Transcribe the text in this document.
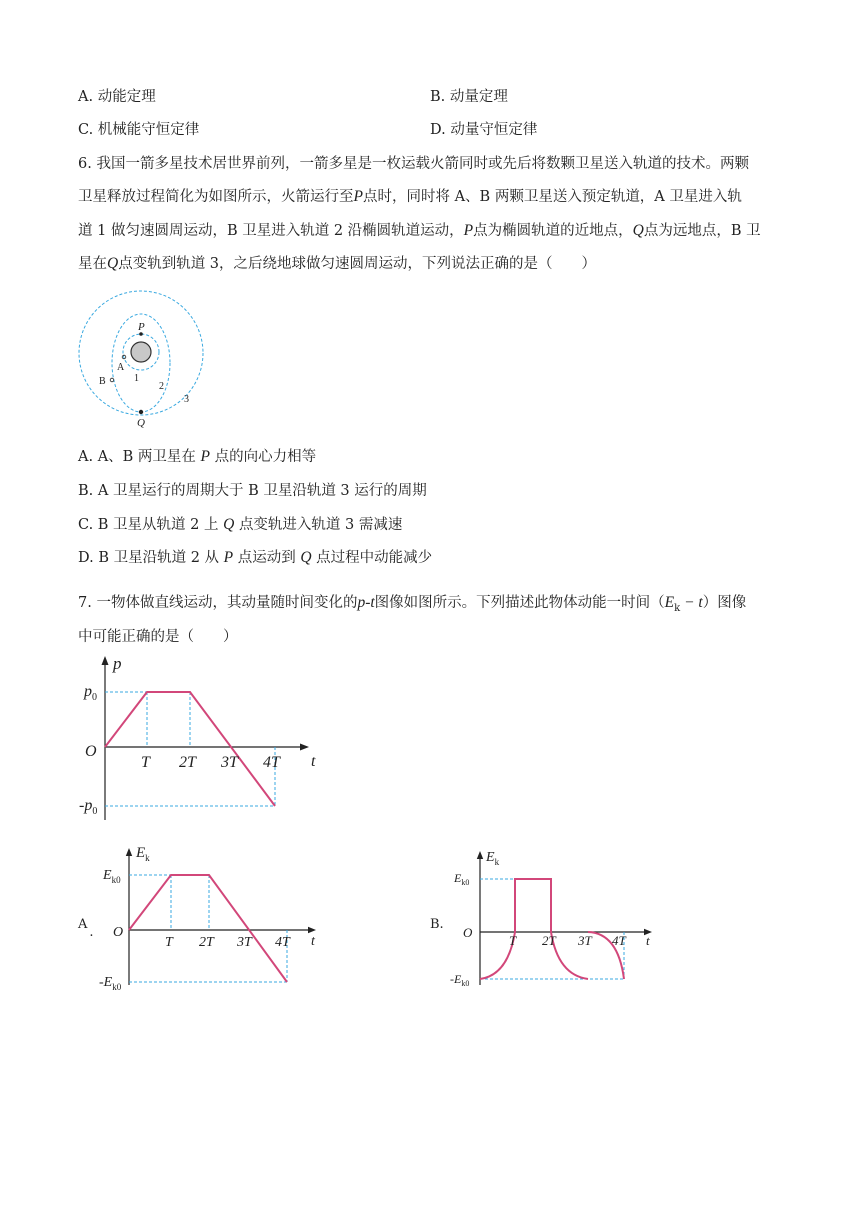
A. 动能定理	B. 动量定理
C. 机械能守恒定律	D. 动量守恒定律
6. 我国一箭多星技术居世界前列，一箭多星是一枚运载火箭同时或先后将数颗卫星送入轨道的技术。两颗
卫星释放过程简化为如图所示，火箭运行至P点时，同时将 A、B 两颗卫星送入预定轨道，A 卫星进入轨
道 1 做匀速圆周运动，B 卫星进入轨道 2 沿椭圆轨道运动，P点为椭圆轨道的近地点，Q点为远地点，B 卫
星在Q点变轨到轨道 3，之后绕地球做匀速圆周运动，下列说法正确的是（　　）
P
Q
A
B	1
2
3
A. A、B 两卫星在 P 点的向心力相等
B. A 卫星运行的周期大于 B 卫星沿轨道 3 运行的周期
C. B 卫星从轨道 2 上 Q 点变轨进入轨道 3 需减速
D. B 卫星沿轨道 2 从 P 点运动到 Q 点过程中动能减少
7. 一物体做直线运动，其动量随时间变化的p-t图像如图所示。下列描述此物体动能一时间$(E_k - t)$图像
中可能正确的是（　　）
p
t
O
$p_0$
$-p_0$
T 2T 3T 4T
A.
$E_k$
t
O
$E_{k0}$
$-E_{k0}$
T 2T 3T 4T
B.
$E_k$
t
O
$E_{k0}$
$-E_{k0}$
T 2T 3T 4T
